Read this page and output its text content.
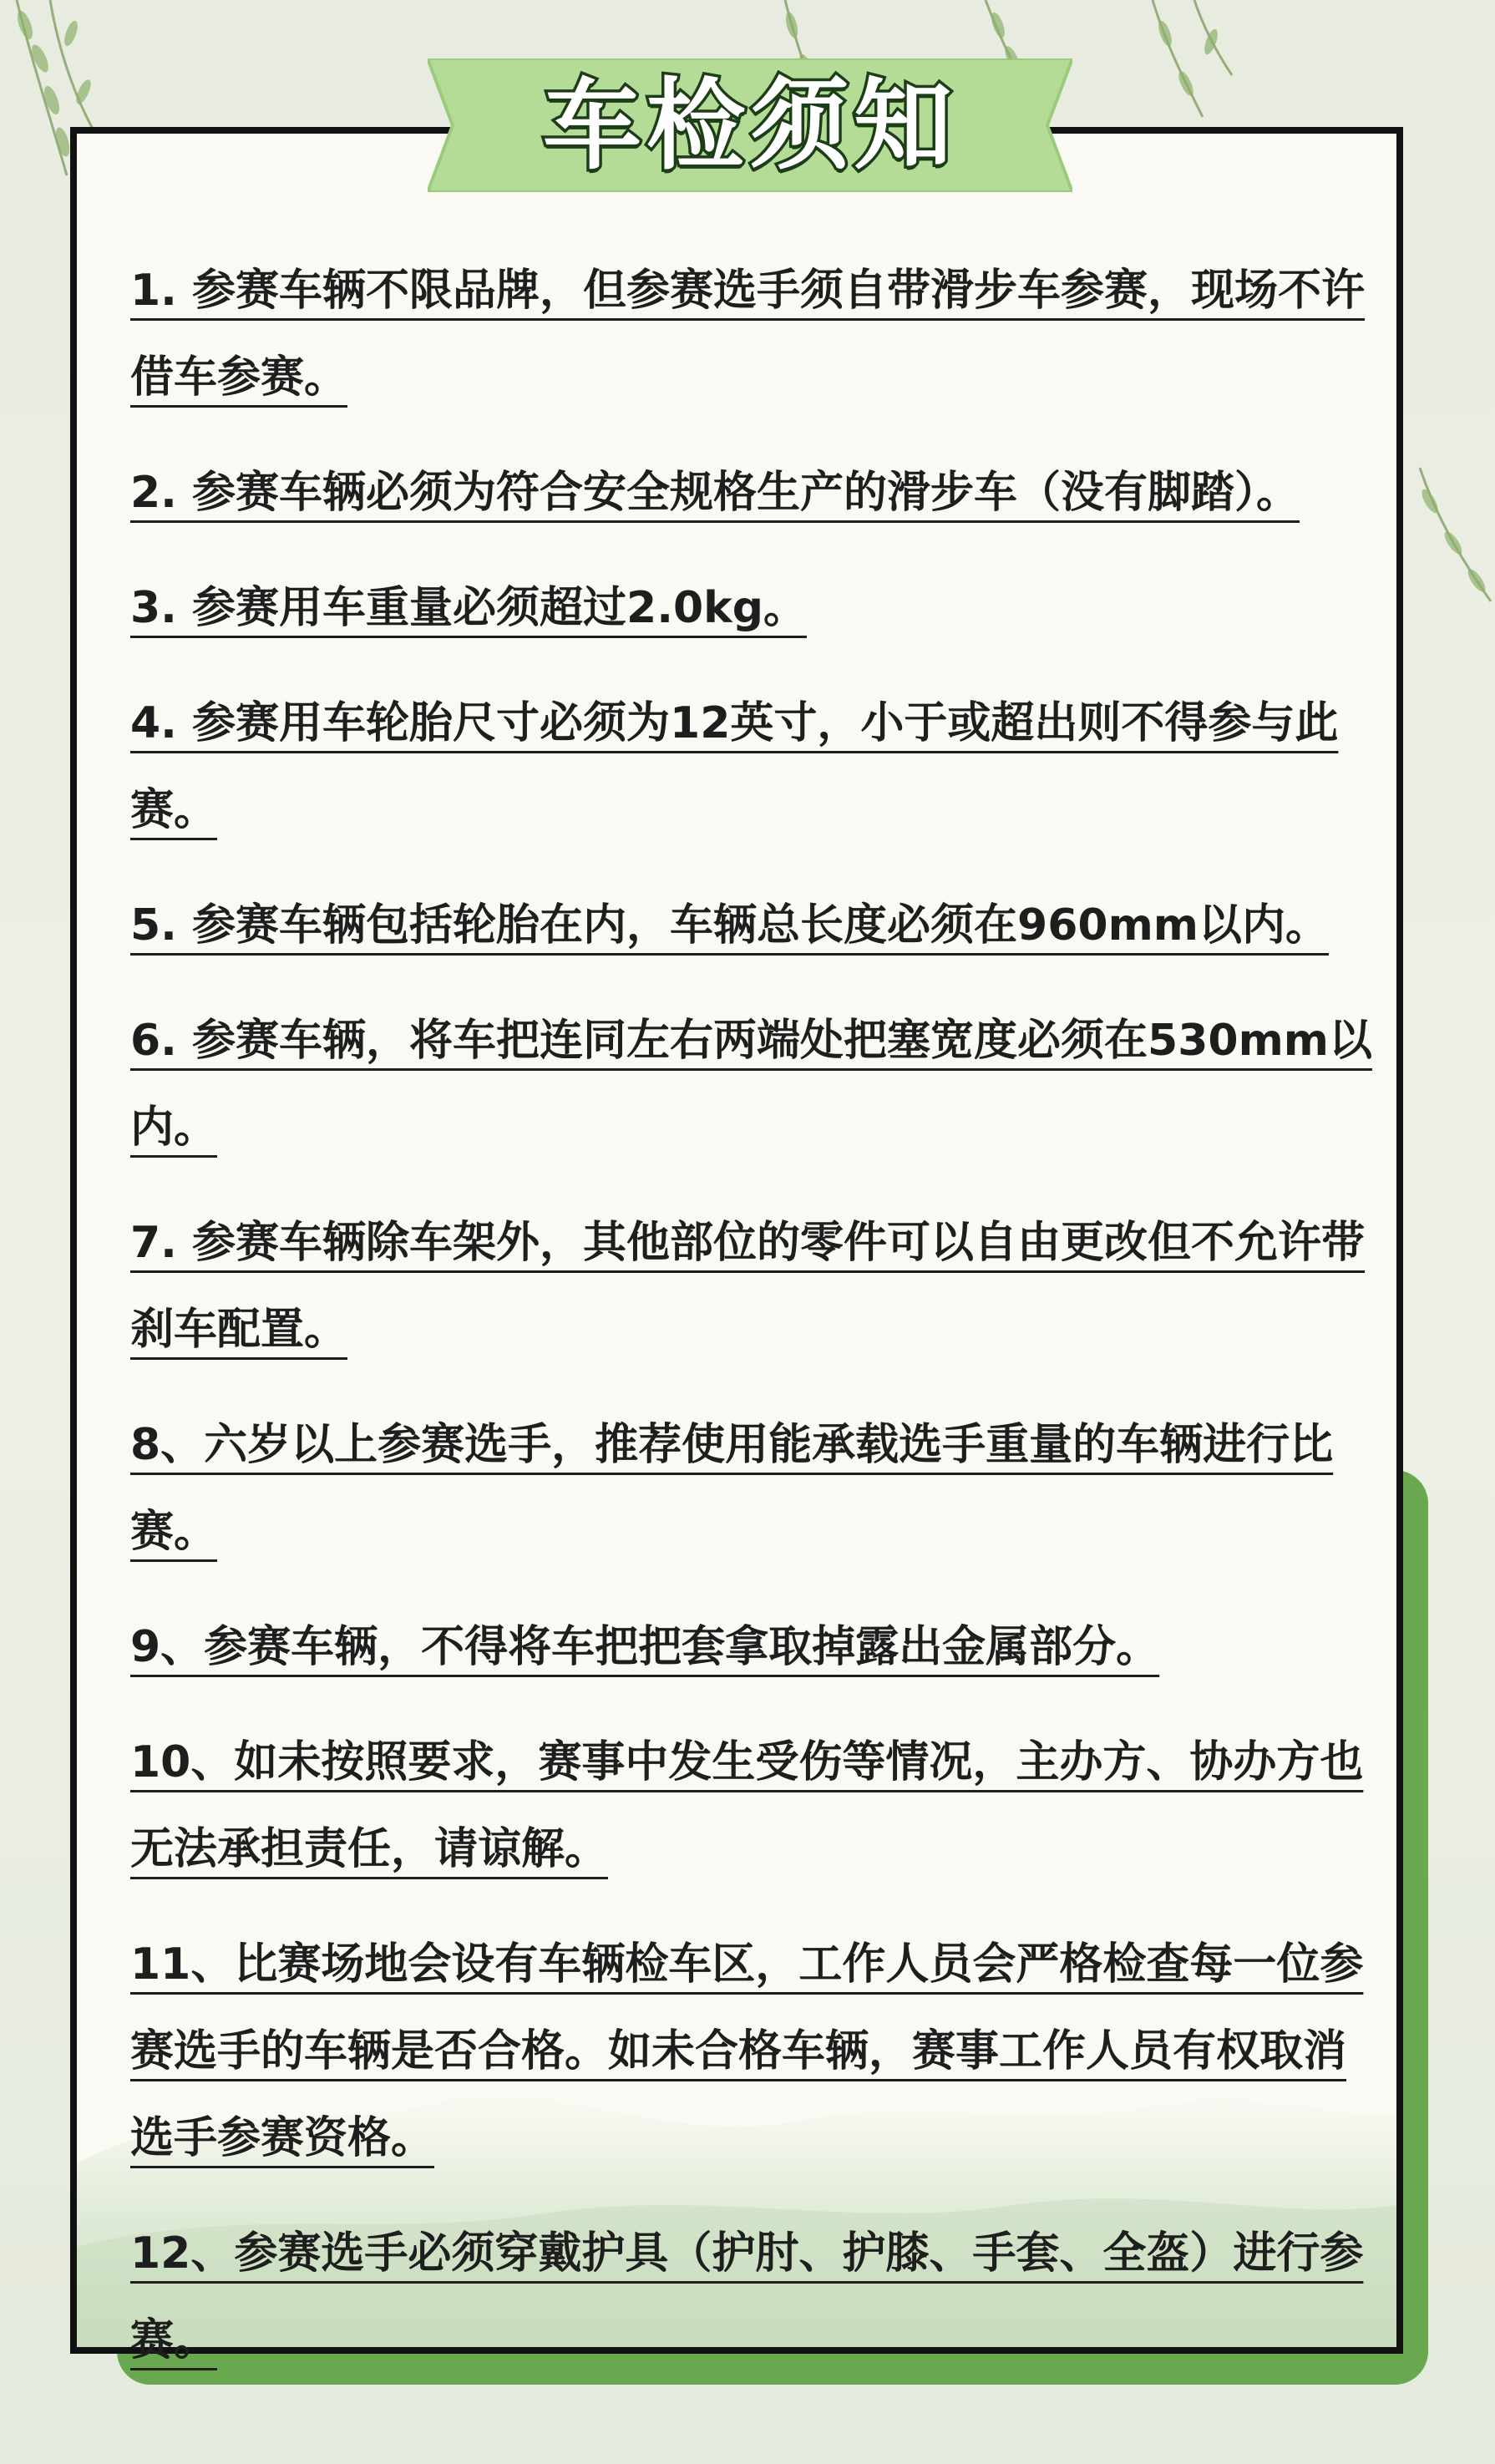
车检须知
1. 参赛车辆不限品牌，但参赛选手须自带滑步车参赛，现场不许借车参赛。
2. 参赛车辆必须为符合安全规格生产的滑步车（没有脚踏）。
3. 参赛用车重量必须超过2.0kg。
4. 参赛用车轮胎尺寸必须为12英寸，小于或超出则不得参与此赛。
5. 参赛车辆包括轮胎在内，车辆总长度必须在960mm以内。
6. 参赛车辆，将车把连同左右两端处把塞宽度必须在530mm以内。
7. 参赛车辆除车架外，其他部位的零件可以自由更改但不允许带刹车配置。
8、六岁以上参赛选手，推荐使用能承载选手重量的车辆进行比赛。
9、参赛车辆，不得将车把把套拿取掉露出金属部分。
10、如未按照要求，赛事中发生受伤等情况，主办方、协办方也无法承担责任，请谅解。
11、比赛场地会设有车辆检车区，工作人员会严格检查每一位参赛选手的车辆是否合格。如未合格车辆，赛事工作人员有权取消选手参赛资格。
12、参赛选手必须穿戴护具（护肘、护膝、手套、全盔）进行参赛。
